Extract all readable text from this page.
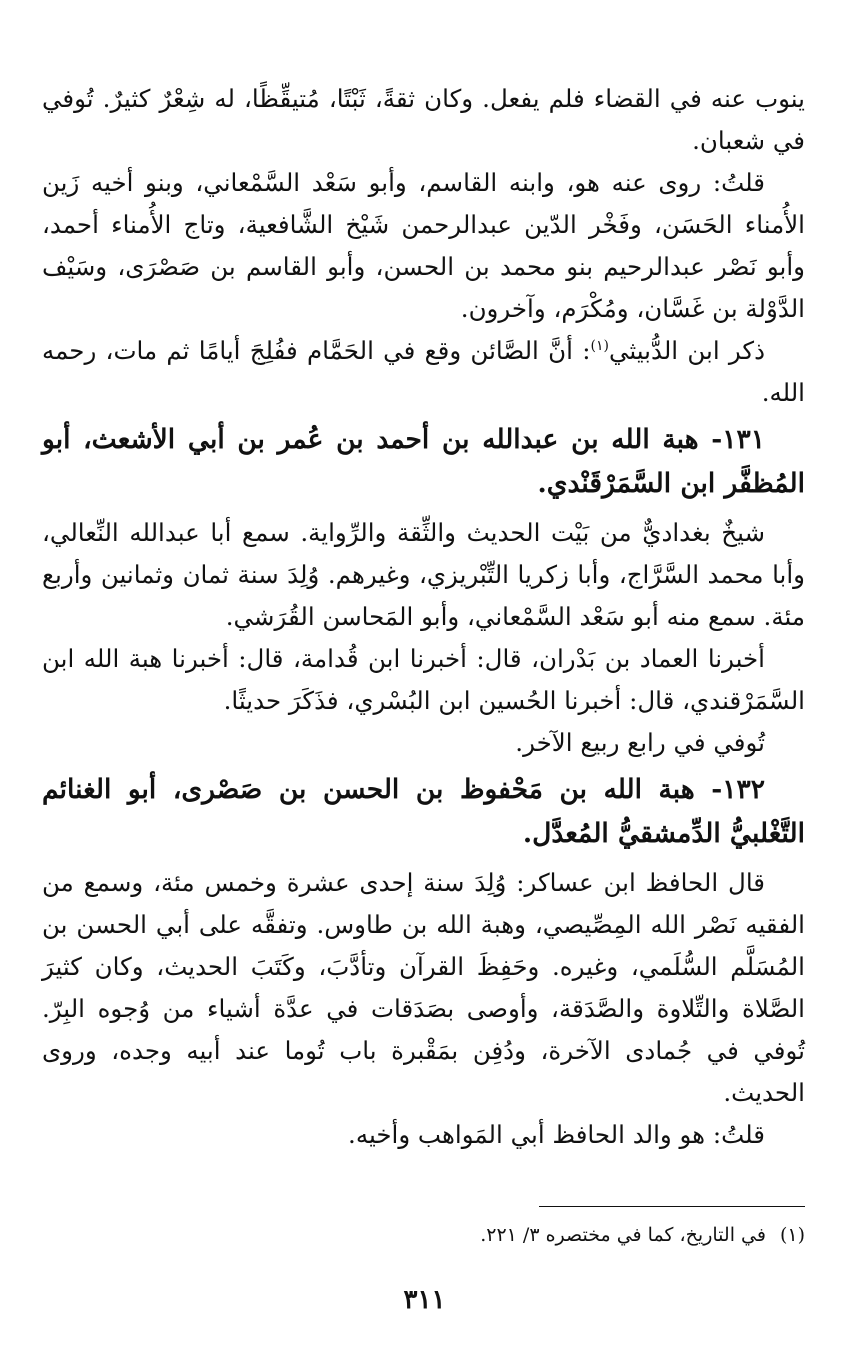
ينوب عنه في القضاء فلم يفعل. وكان ثقةً، ثَبْتًا، مُتيقِّظًا، له شِعْرٌ كثيرٌ. تُوفي في شعبان.

قلتُ: روى عنه هو، وابنه القاسم، وأبو سَعْد السَّمْعاني، وبنو أخيه زَين الأُمناء الحَسَن، وفَخْر الدّين عبدالرحمن شَيْخ الشَّافعية، وتاج الأُمناء أحمد، وأبو نَصْر عبدالرحيم بنو محمد بن الحسن، وأبو القاسم بن صَصْرَى، وسَيْف الدَّوْلة بن غَسَّان، ومُكْرَم، وآخرون.

ذكر ابن الدُّبيثي$^{(١)}$: أنَّ الصَّائن وقع في الحَمَّام ففُلِجَ أيامًا ثم مات، رحمه الله.

١٣١- هبة الله بن عبدالله بن أحمد بن عُمر بن أبي الأشعث، أبو المُظفَّر ابن السَّمَرْقَنْدي.

شيخٌ بغداديٌّ من بَيْت الحديث والثِّقة والرِّواية. سمع أبا عبدالله النِّعالي، وأبا محمد السَّرَّاج، وأبا زكريا التِّبْريزي، وغيرهم. وُلِدَ سنة ثمان وثمانين وأربع مئة. سمع منه أبو سَعْد السَّمْعاني، وأبو المَحاسن القُرَشي.

أخبرنا العماد بن بَدْران، قال: أخبرنا ابن قُدامة، قال: أخبرنا هبة الله ابن السَّمَرْقندي، قال: أخبرنا الحُسين ابن البُسْري، فذَكَرَ حديثًا.

تُوفي في رابع ربيع الآخر.

١٣٢- هبة الله بن مَحْفوظ بن الحسن بن صَصْرى، أبو الغنائم التَّغْلبيُّ الدِّمشقيُّ المُعدَّل.

قال الحافظ ابن عساكر: وُلِدَ سنة إحدى عشرة وخمس مئة، وسمع من الفقيه نَصْر الله المِصِّيصي، وهبة الله بن طاوس. وتفقَّه على أبي الحسن بن المُسَلَّم السُّلَمي، وغيره. وحَفِظَ القرآن وتأدَّبَ، وكَتَبَ الحديث، وكان كثيرَ الصَّلاة والتِّلاوة والصَّدَقة، وأوصى بصَدَقات في عدَّة أشياء من وُجوه البِرّ. تُوفي في جُمادى الآخرة، ودُفِن بمَقْبرة باب تُوما عند أبيه وجده، وروى الحديث.

قلتُ: هو والد الحافظ أبي المَواهب وأخيه.

(١)في التاريخ، كما في مختصره ٣/ ٢٢١.
٣١١
